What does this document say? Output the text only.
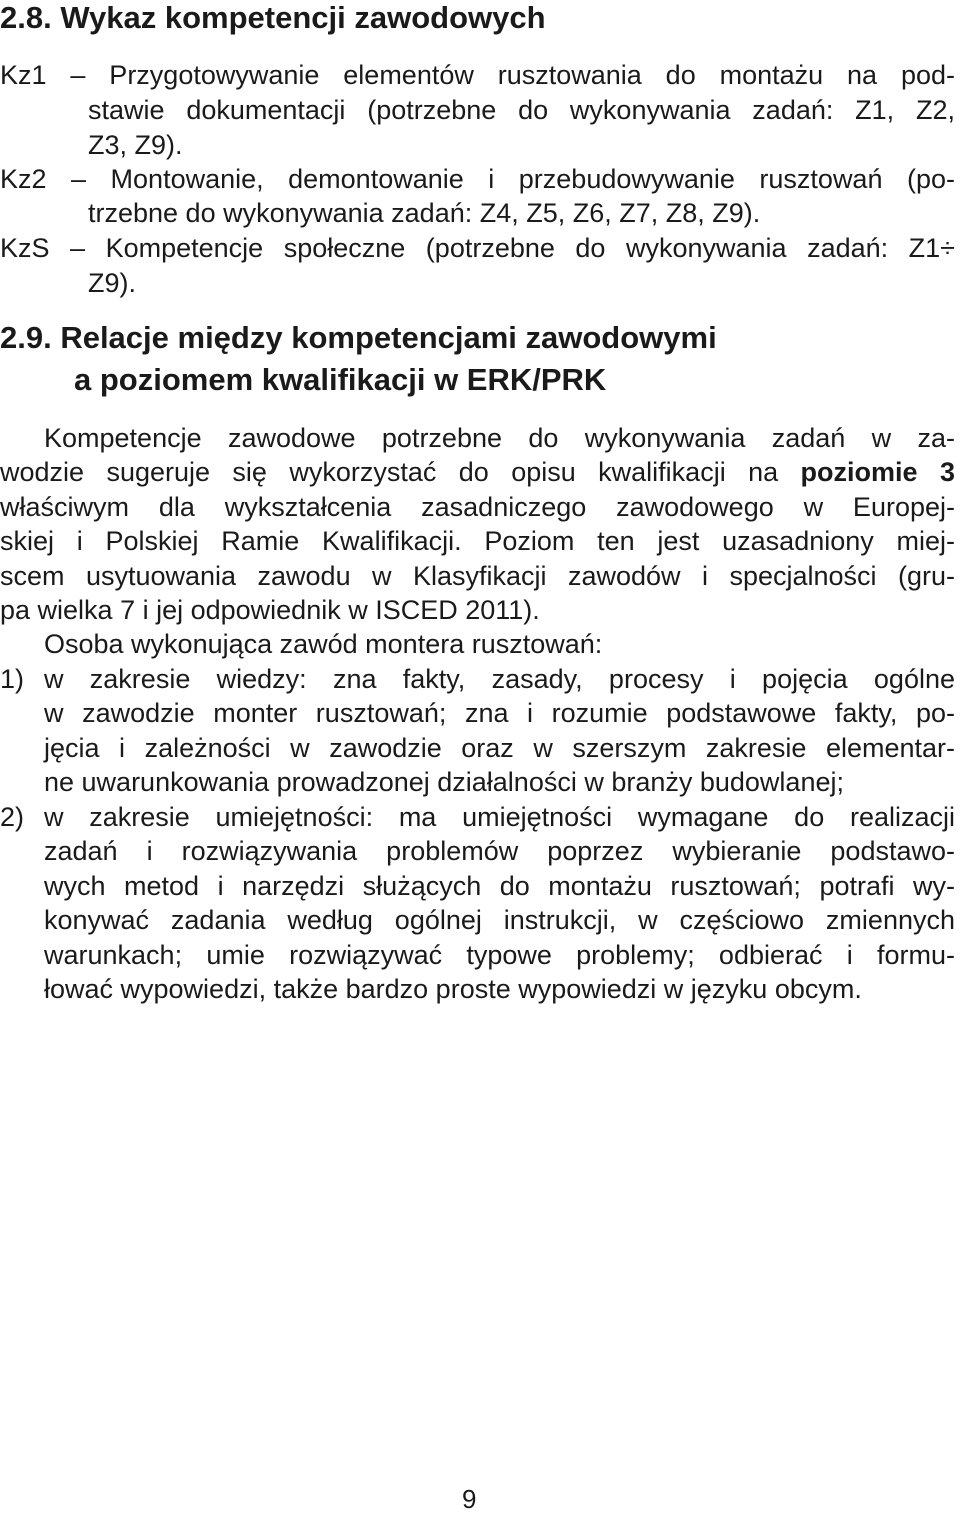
2.8. Wykaz kompetencji zawodowych
Kz1 – Przygotowywanie elementów rusztowania do montażu na pod-
stawie dokumentacji (potrzebne do wykonywania zadań: Z1, Z2,
Z3, Z9).
Kz2 – Montowanie, demontowanie i przebudowywanie rusztowań (po-
trzebne do wykonywania zadań: Z4, Z5, Z6, Z7, Z8, Z9).
KzS – Kompetencje społeczne (potrzebne do wykonywania zadań: Z1÷
Z9).
2.9. Relacje między kompetencjami zawodowymi
a poziomem kwalifikacji w ERK/PRK
Kompetencje zawodowe potrzebne do wykonywania zadań w za-
wodzie sugeruje się wykorzystać do opisu kwalifikacji na poziomie 3
właściwym dla wykształcenia zasadniczego zawodowego w Europej-
skiej i Polskiej Ramie Kwalifikacji. Poziom ten jest uzasadniony miej-
scem usytuowania zawodu w Klasyfikacji zawodów i specjalności (gru-
pa wielka 7 i jej odpowiednik w ISCED 2011).
Osoba wykonująca zawód montera rusztowań:
1) w zakresie wiedzy: zna fakty, zasady, procesy i pojęcia ogólne
w zawodzie monter rusztowań; zna i rozumie podstawowe fakty, po-
jęcia i zależności w zawodzie oraz w szerszym zakresie elementar-
ne uwarunkowania prowadzonej działalności w branży budowlanej;
2) w zakresie umiejętności: ma umiejętności wymagane do realizacji
zadań i rozwiązywania problemów poprzez wybieranie podstawo-
wych metod i narzędzi służących do montażu rusztowań; potrafi wy-
konywać zadania według ogólnej instrukcji, w częściowo zmiennych
warunkach; umie rozwiązywać typowe problemy; odbierać i formu-
łować wypowiedzi, także bardzo proste wypowiedzi w języku obcym.
9
